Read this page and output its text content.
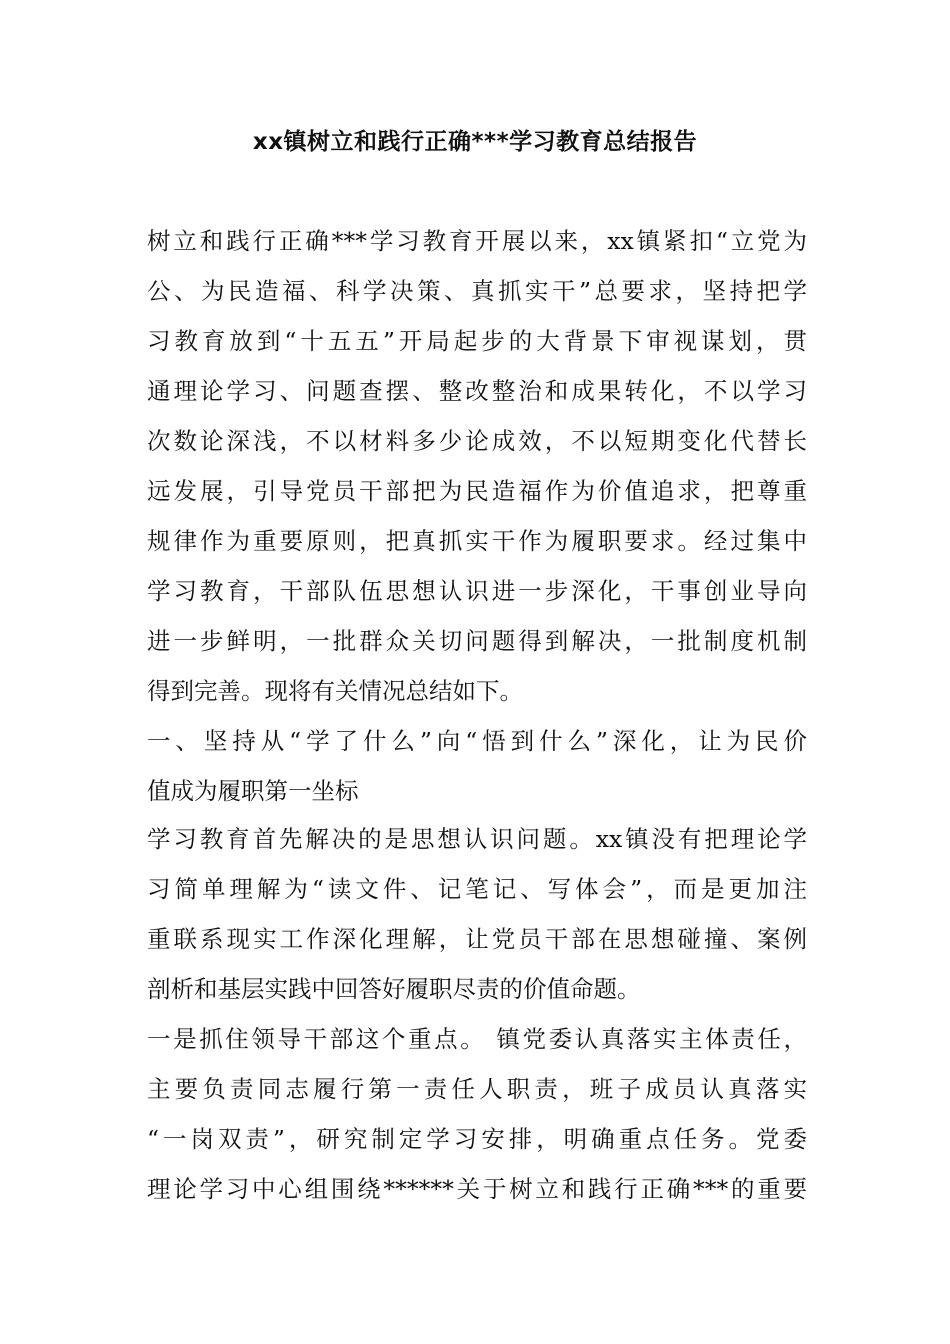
xx镇树立和践行正确***学习教育总结报告
树立和践行正确***学习教育开展以来，xx镇紧扣“立党为
公、为民造福、科学决策、真抓实干”总要求，坚持把学
习教育放到“十五五”开局起步的大背景下审视谋划，贯
通理论学习、问题查摆、整改整治和成果转化，不以学习
次数论深浅，不以材料多少论成效，不以短期变化代替长
远发展，引导党员干部把为民造福作为价值追求，把尊重
规律作为重要原则，把真抓实干作为履职要求。经过集中
学习教育，干部队伍思想认识进一步深化，干事创业导向
进一步鲜明，一批群众关切问题得到解决，一批制度机制
得到完善。现将有关情况总结如下。
一、坚持从“学了什么”向“悟到什么”深化，让为民价
值成为履职第一坐标
学习教育首先解决的是思想认识问题。xx镇没有把理论学
习简单理解为“读文件、记笔记、写体会”，而是更加注
重联系现实工作深化理解，让党员干部在思想碰撞、案例
剖析和基层实践中回答好履职尽责的价值命题。
一是抓住领导干部这个重点。 镇党委认真落实主体责任，
主要负责同志履行第一责任人职责，班子成员认真落实
“一岗双责”，研究制定学习安排，明确重点任务。党委
理论学习中心组围绕******关于树立和践行正确***的重要
